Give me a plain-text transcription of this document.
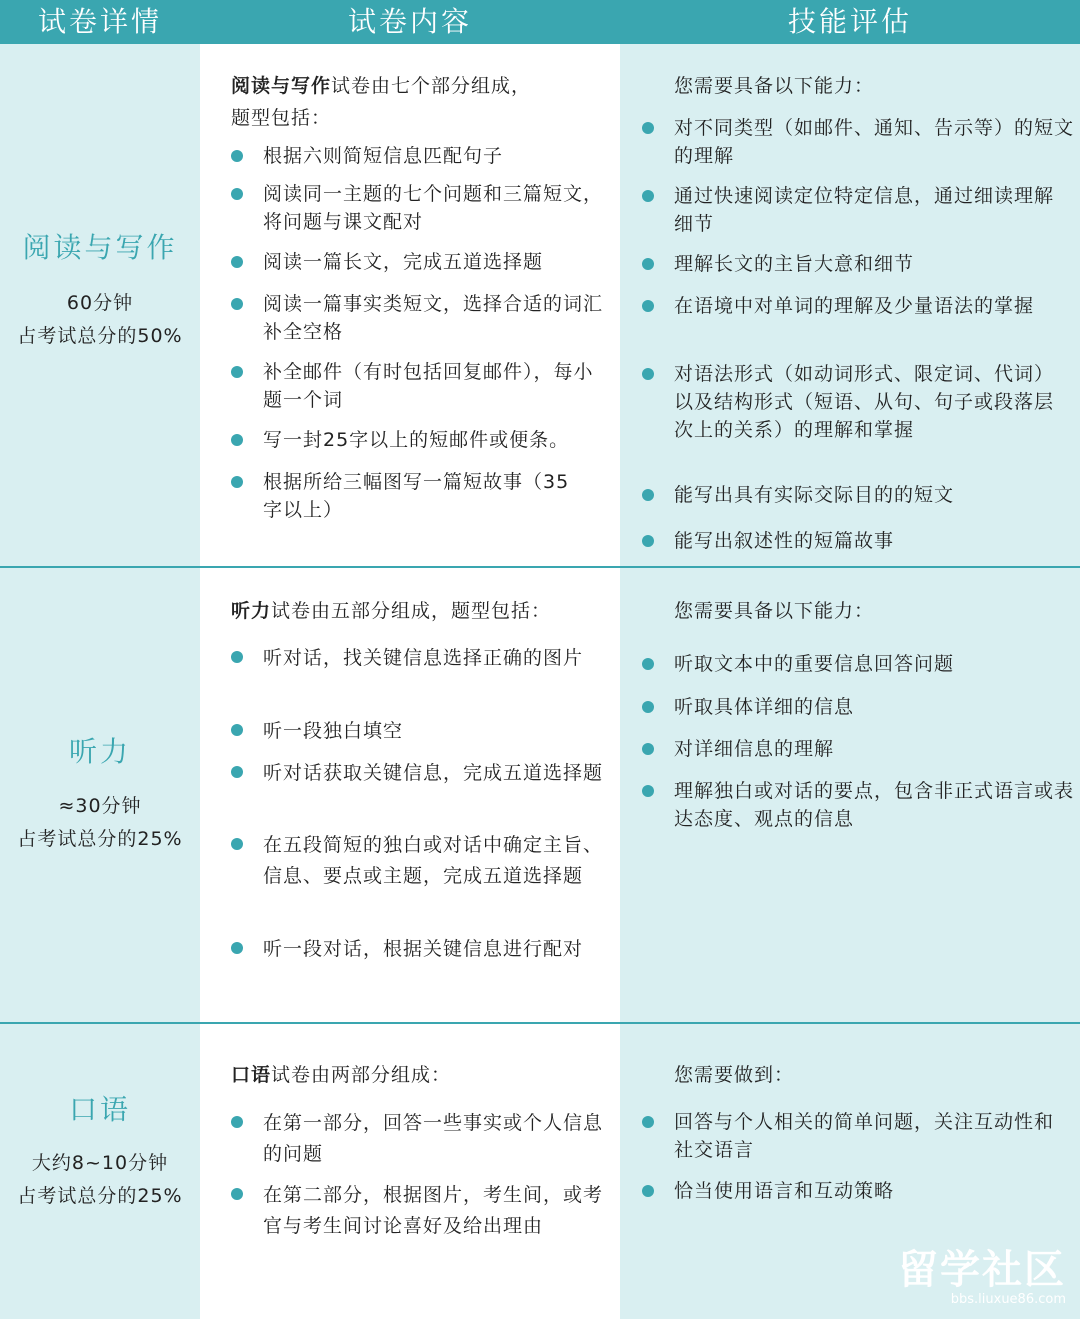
试卷详情	试卷内容	技能评估
阅读与写作
60分钟
占考试总分的50%
阅读与写作试卷由七个部分组成，
题型包括：
根据六则简短信息匹配句子
阅读同一主题的七个问题和三篇短文，将问题与课文配对
阅读一篇长文，完成五道选择题
阅读一篇事实类短文，选择合适的词汇补全空格
补全邮件（有时包括回复邮件），每小题一个词
写一封25字以上的短邮件或便条。
根据所给三幅图写一篇短故事（35字以上）
您需要具备以下能力：
对不同类型（如邮件、通知、告示等）的短文的理解
通过快速阅读定位特定信息，通过细读理解细节
理解长文的主旨大意和细节
在语境中对单词的理解及少量语法的掌握
对语法形式（如动词形式、限定词、代词）以及结构形式（短语、从句、句子或段落层次上的关系）的理解和掌握
能写出具有实际交际目的的短文
能写出叙述性的短篇故事
听力
≈30分钟
占考试总分的25%
听力试卷由五部分组成，题型包括：
听对话，找关键信息选择正确的图片
听一段独白填空
听对话获取关键信息，完成五道选择题
在五段简短的独白或对话中确定主旨、信息、要点或主题，完成五道选择题
听一段对话，根据关键信息进行配对
您需要具备以下能力：
听取文本中的重要信息回答问题
听取具体详细的信息
对详细信息的理解
理解独白或对话的要点，包含非正式语言或表达态度、观点的信息
口语
大约8~10分钟
占考试总分的25%
口语试卷由两部分组成：
在第一部分，回答一些事实或个人信息的问题
在第二部分，根据图片，考生间，或考官与考生间讨论喜好及给出理由
您需要做到：
回答与个人相关的简单问题，关注互动性和社交语言
恰当使用语言和互动策略
留学社区
bbs.liuxue86.com
